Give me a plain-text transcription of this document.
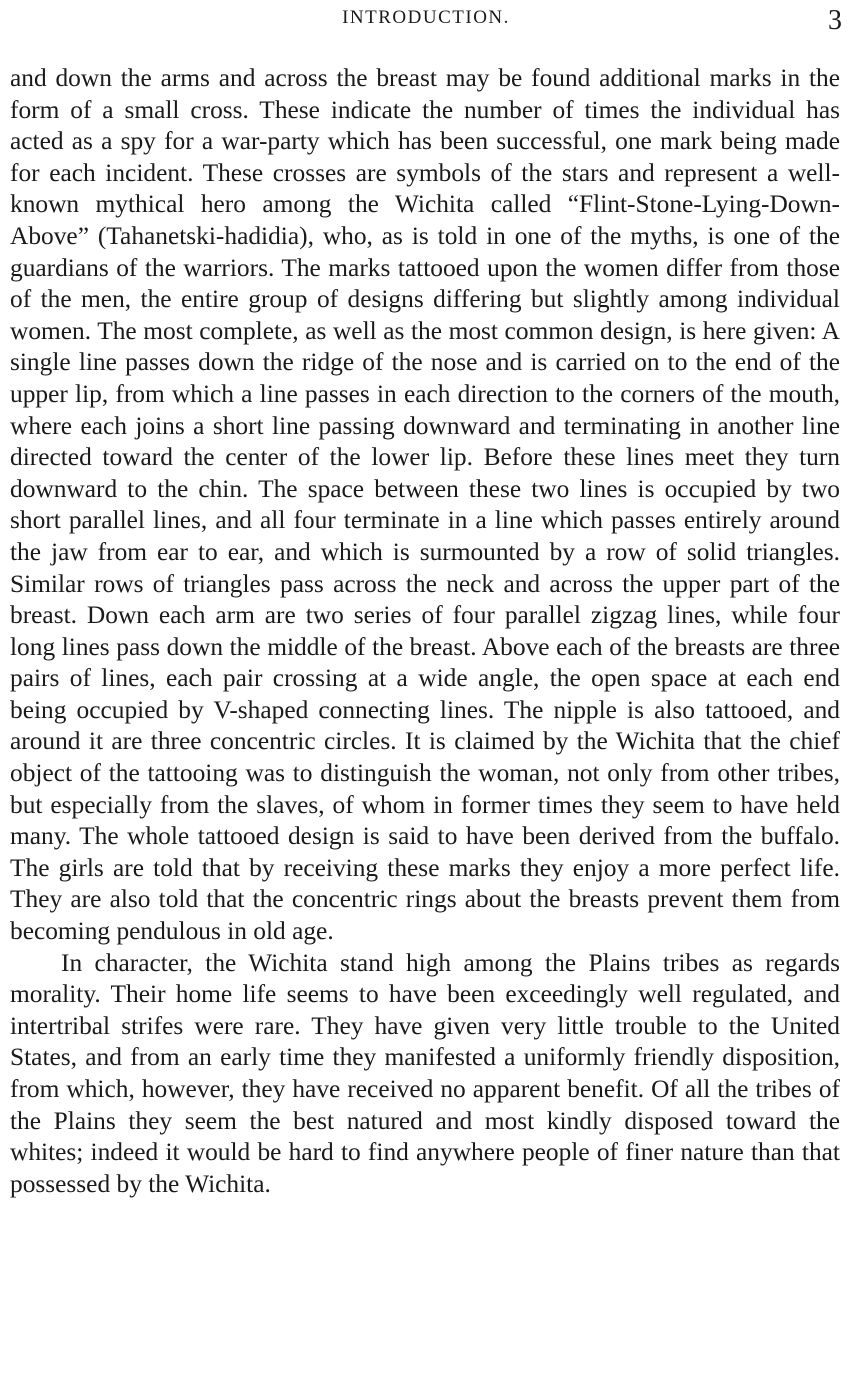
INTRODUCTION.	3

and down the arms and across the breast may be found additional marks in the form of a small cross. These indicate the number of times the individual has acted as a spy for a war-party which has been successful, one mark being made for each incident. These crosses are symbols of the stars and represent a well-known mythical hero among the Wichita called “Flint-Stone-Lying-Down-Above” (Tahanetski-hadidia), who, as is told in one of the myths, is one of the guardians of the warriors. The marks tattooed upon the women differ from those of the men, the entire group of designs differing but slightly among individual women. The most complete, as well as the most common design, is here given: A single line passes down the ridge of the nose and is carried on to the end of the upper lip, from which a line passes in each direction to the corners of the mouth, where each joins a short line passing downward and terminating in another line directed toward the center of the lower lip. Before these lines meet they turn downward to the chin. The space between these two lines is occupied by two short parallel lines, and all four terminate in a line which passes entirely around the jaw from ear to ear, and which is surmounted by a row of solid triangles. Similar rows of triangles pass across the neck and across the upper part of the breast. Down each arm are two series of four parallel zigzag lines, while four long lines pass down the middle of the breast. Above each of the breasts are three pairs of lines, each pair crossing at a wide angle, the open space at each end being occupied by V-shaped connecting lines. The nipple is also tattooed, and around it are three concentric circles. It is claimed by the Wichita that the chief object of the tattooing was to distinguish the woman, not only from other tribes, but especially from the slaves, of whom in former times they seem to have held many. The whole tattooed design is said to have been derived from the buffalo. The girls are told that by receiving these marks they enjoy a more perfect life. They are also told that the concentric rings about the breasts prevent them from becoming pendulous in old age.

In character, the Wichita stand high among the Plains tribes as regards morality. Their home life seems to have been exceedingly well regulated, and intertribal strifes were rare. They have given very little trouble to the United States, and from an early time they manifested a uniformly friendly disposition, from which, however, they have received no apparent benefit. Of all the tribes of the Plains they seem the best natured and most kindly disposed toward the whites; indeed it would be hard to find anywhere people of finer nature than that possessed by the Wichita.
